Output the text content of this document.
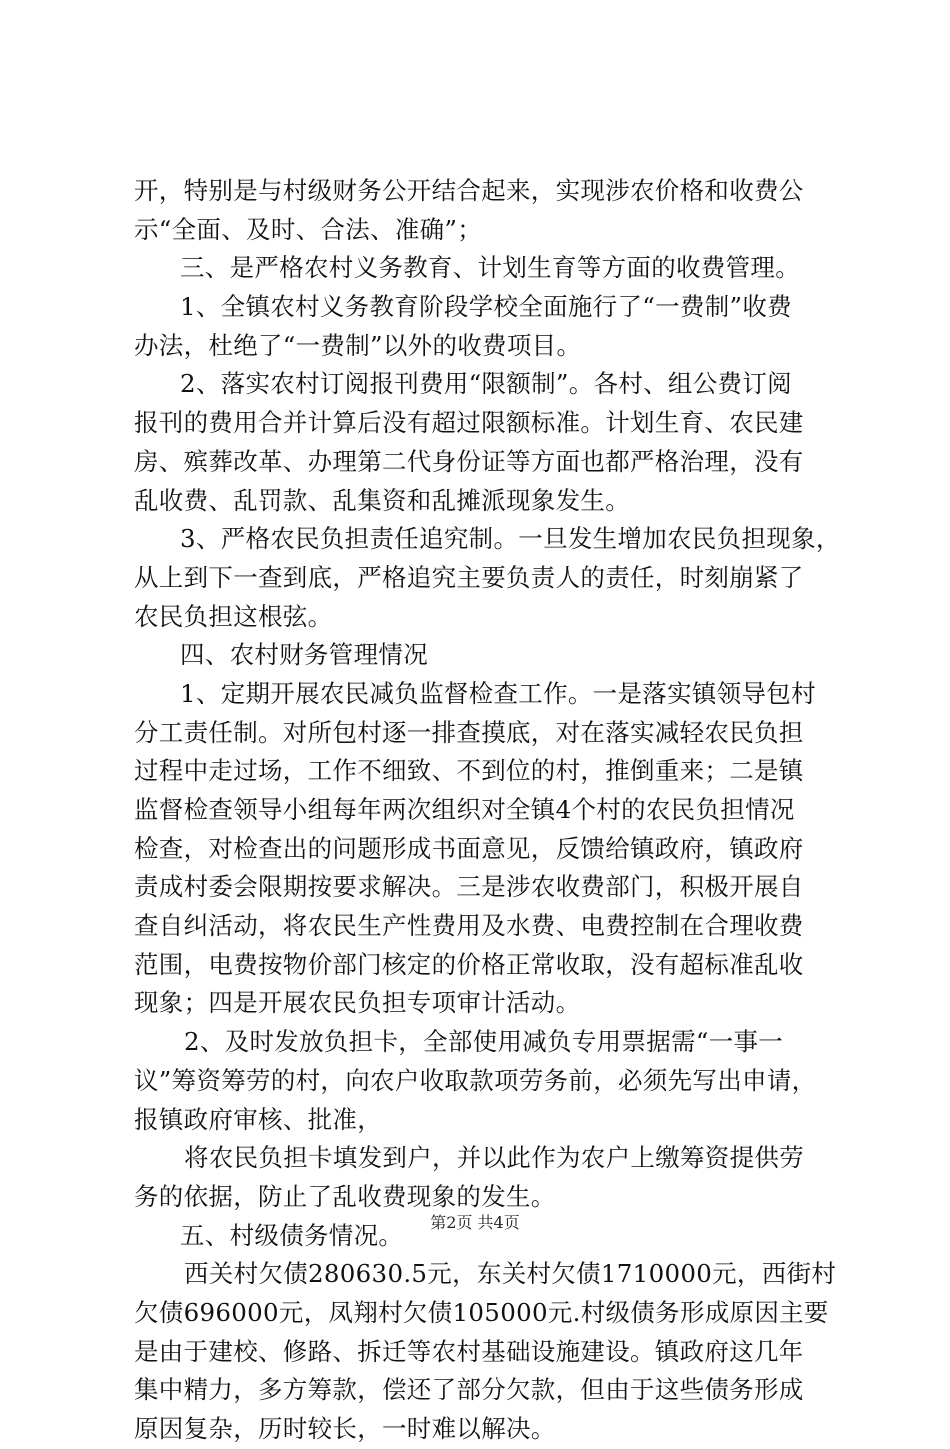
开，特别是与村级财务公开结合起来，实现涉农价格和收费公
示“全面、及时、合法、准确”；
三、是严格农村义务教育、计划生育等方面的收费管理。
1、全镇农村义务教育阶段学校全面施行了“一费制”收费
办法，杜绝了“一费制”以外的收费项目。
2、落实农村订阅报刊费用“限额制”。各村、组公费订阅
报刊的费用合并计算后没有超过限额标准。计划生育、农民建
房、殡葬改革、办理第二代身份证等方面也都严格治理，没有
乱收费、乱罚款、乱集资和乱摊派现象发生。
3、严格农民负担责任追究制。一旦发生增加农民负担现象，
从上到下一查到底，严格追究主要负责人的责任，时刻崩紧了
农民负担这根弦。
四、农村财务管理情况
1、定期开展农民减负监督检查工作。一是落实镇领导包村
分工责任制。对所包村逐一排查摸底，对在落实减轻农民负担
过程中走过场，工作不细致、不到位的村，推倒重来；二是镇
监督检查领导小组每年两次组织对全镇4个村的农民负担情况
检查，对检查出的问题形成书面意见，反馈给镇政府，镇政府
责成村委会限期按要求解决。三是涉农收费部门，积极开展自
查自纠活动，将农民生产性费用及水费、电费控制在合理收费
范围，电费按物价部门核定的价格正常收取，没有超标准乱收
现象；四是开展农民负担专项审计活动。
2、及时发放负担卡，全部使用减负专用票据需“一事一
议”筹资筹劳的村，向农户收取款项劳务前，必须先写出申请，
报镇政府审核、批准，
将农民负担卡填发到户，并以此作为农户上缴筹资提供劳
务的依据，防止了乱收费现象的发生。
五、村级债务情况。
西关村欠债280630.5元，东关村欠债1710000元，西街村
欠债696000元，凤翔村欠债105000元.村级债务形成原因主要
是由于建校、修路、拆迁等农村基础设施建设。镇政府这几年
集中精力，多方筹款，偿还了部分欠款，但由于这些债务形成
原因复杂，历时较长，一时难以解决。
第2页 共4页
